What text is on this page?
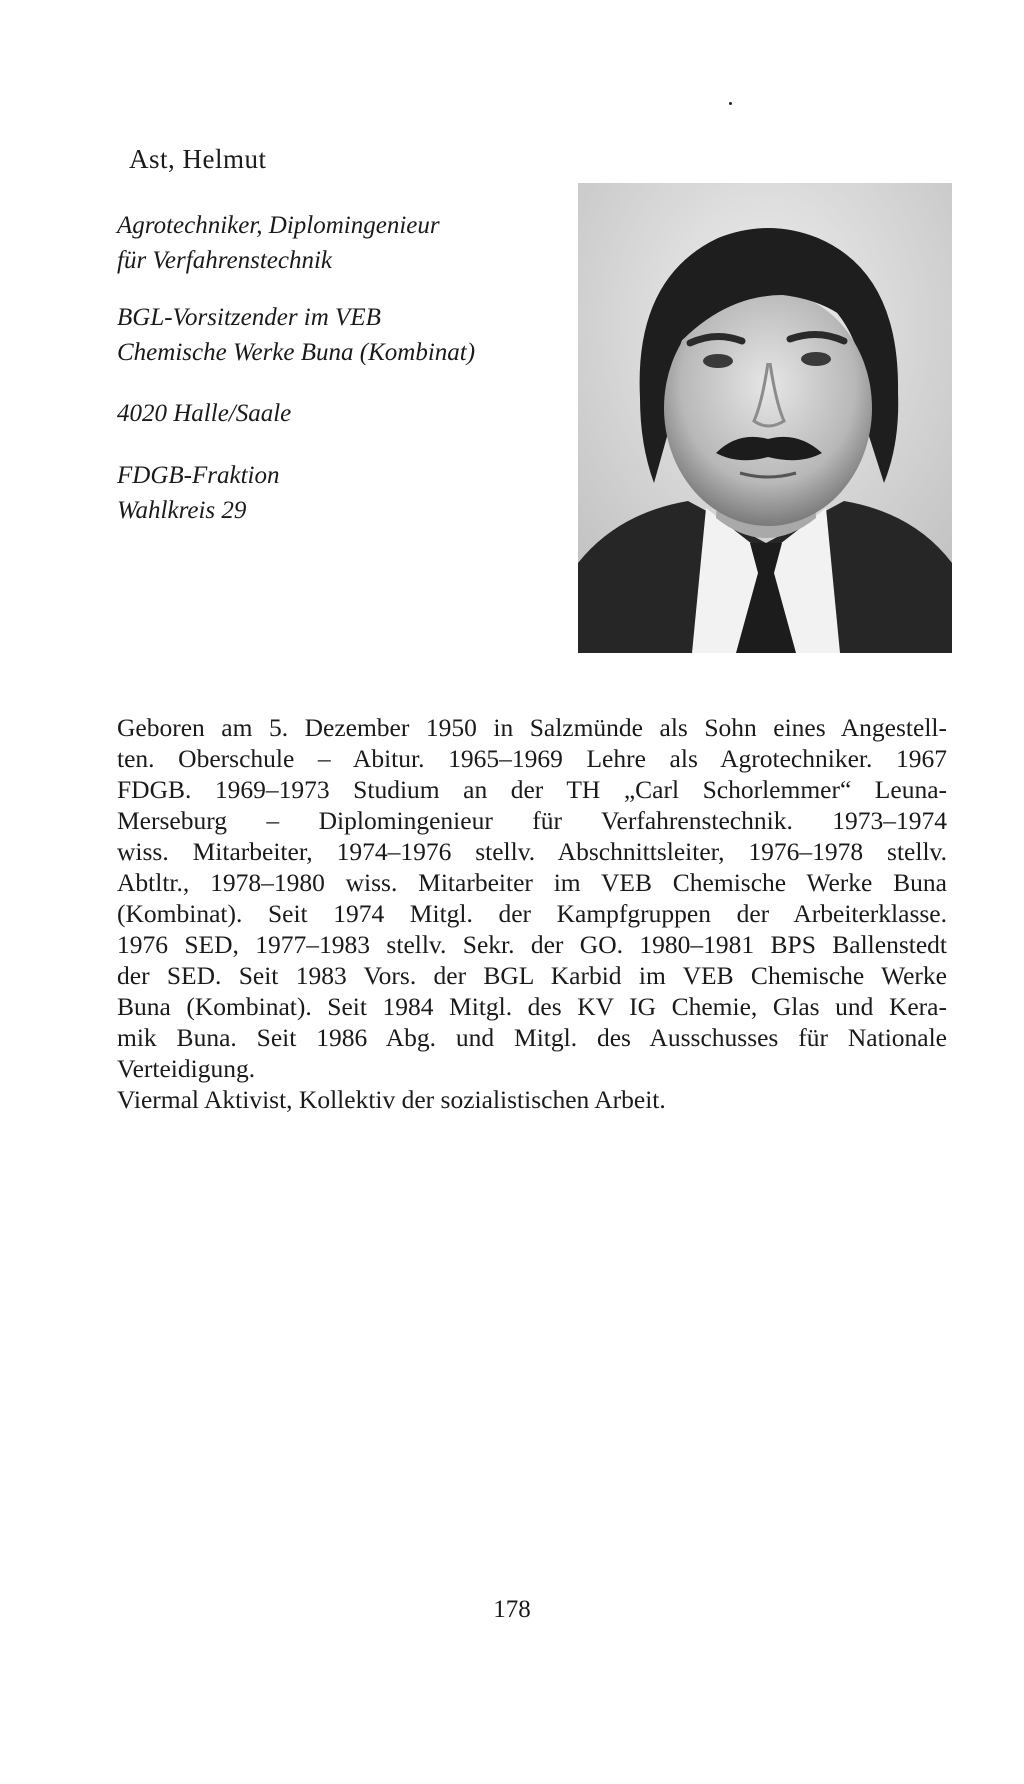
Ast, Helmut
Agrotechniker, Diplomingenieur
für Verfahrenstechnik
BGL-Vorsitzender im VEB
Chemische Werke Buna (Kombinat)
4020 Halle/Saale
FDGB-Fraktion
Wahlkreis 29
Geboren am 5. Dezember 1950 in Salzmünde als Sohn eines Angestell-
ten. Oberschule – Abitur. 1965–1969 Lehre als Agrotechniker. 1967
FDGB. 1969–1973 Studium an der TH „Carl Schorlemmer“ Leuna-
Merseburg – Diplomingenieur für Verfahrenstechnik. 1973–1974
wiss. Mitarbeiter, 1974–1976 stellv. Abschnittsleiter, 1976–1978 stellv.
Abtltr., 1978–1980 wiss. Mitarbeiter im VEB Chemische Werke Buna
(Kombinat). Seit 1974 Mitgl. der Kampfgruppen der Arbeiterklasse.
1976 SED, 1977–1983 stellv. Sekr. der GO. 1980–1981 BPS Ballenstedt
der SED. Seit 1983 Vors. der BGL Karbid im VEB Chemische Werke
Buna (Kombinat). Seit 1984 Mitgl. des KV IG Chemie, Glas und Kera-
mik Buna. Seit 1986 Abg. und Mitgl. des Ausschusses für Nationale
Verteidigung.
Viermal Aktivist, Kollektiv der sozialistischen Arbeit.
178
